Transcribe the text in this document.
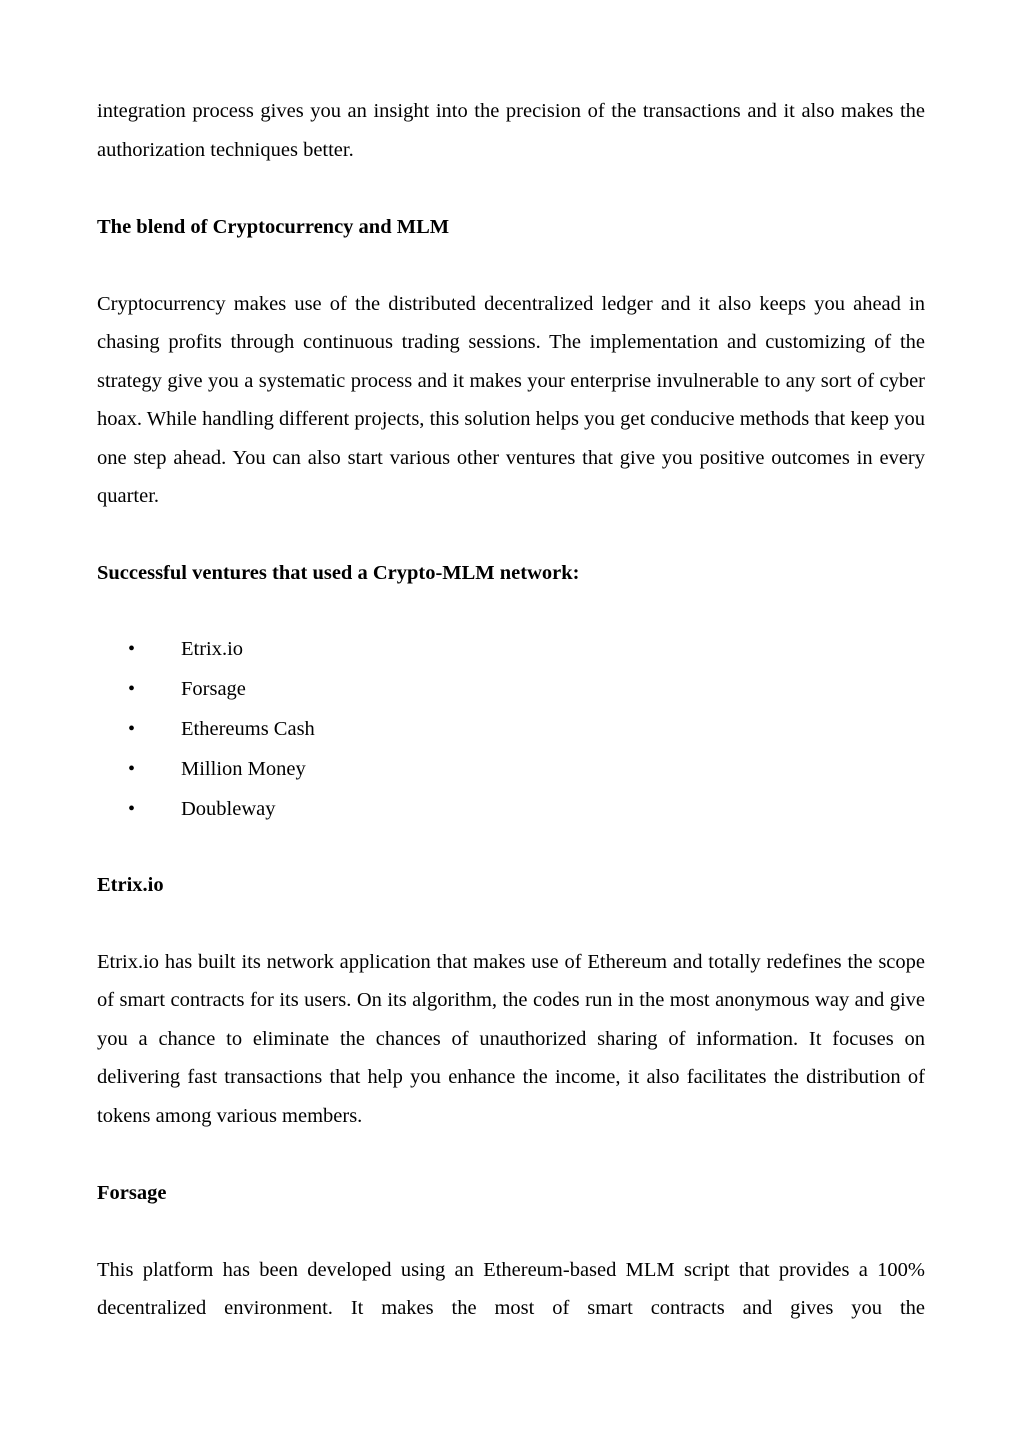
integration process gives you an insight into the precision of the transactions and it also makes the authorization techniques better.

The blend of Cryptocurrency and MLM

Cryptocurrency makes use of the distributed decentralized ledger and it also keeps you ahead in chasing profits through continuous trading sessions. The implementation and customizing of the strategy give you a systematic process and it makes your enterprise invulnerable to any sort of cyber hoax. While handling different projects, this solution helps you get conducive methods that keep you one step ahead. You can also start various other ventures that give you positive outcomes in every quarter.

Successful ventures that used a Crypto-MLM network:
• Etrix.io
• Forsage
• Ethereums Cash
• Million Money
• Doubleway
Etrix.io

Etrix.io has built its network application that makes use of Ethereum and totally redefines the scope of smart contracts for its users. On its algorithm, the codes run in the most anonymous way and give you a chance to eliminate the chances of unauthorized sharing of information. It focuses on delivering fast transactions that help you enhance the income, it also facilitates the distribution of tokens among various members.

Forsage

This platform has been developed using an Ethereum-based MLM script that provides a 100% decentralized environment. It makes the most of smart contracts and gives you the
